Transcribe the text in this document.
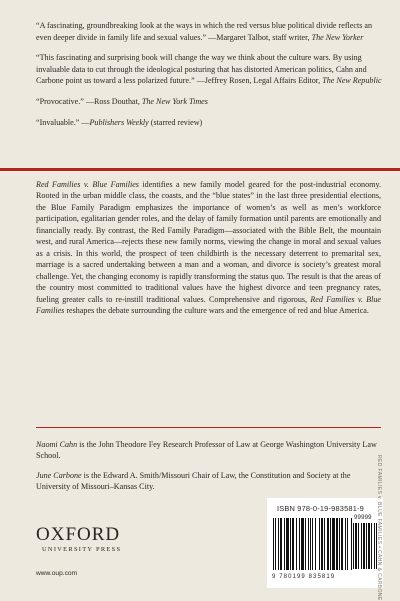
“A fascinating, groundbreaking look at the ways in which the red versus blue political divide reflects an even deeper divide in family life and sexual values.” —Margaret Talbot, staff writer, The New Yorker

“This fascinating and surprising book will change the way we think about the culture wars. By using invaluable data to cut through the ideological posturing that has distorted American politics, Cahn and Carbone point us toward a less polarized future.” —Jeffrey Rosen, Legal Affairs Editor, The New Republic

“Provocative.” —Ross Douthat, The New York Times

“Invaluable.” —Publishers Weekly (starred review)

Red Families v. Blue Families identifies a new family model geared for the post-industrial economy. Rooted in the urban middle class, the coasts, and the “blue states” in the last three presidential elections, the Blue Family Paradigm emphasizes the importance of women’s as well as men’s workforce participation, egalitarian gender roles, and the delay of family formation until parents are emotionally and financially ready. By contrast, the Red Family Paradigm—associated with the Bible Belt, the mountain west, and rural America—rejects these new family norms, viewing the change in moral and sexual values as a crisis. In this world, the prospect of teen childbirth is the necessary deterrent to premarital sex, marriage is a sacred undertaking between a man and a woman, and divorce is society’s greatest moral challenge. Yet, the changing economy is rapidly transforming the status quo. The result is that the areas of the country most committed to traditional values have the highest divorce and teen pregnancy rates, fueling greater calls to re-instill traditional values. Comprehensive and rigorous, Red Families v. Blue Families reshapes the debate surrounding the culture wars and the emergence of red and blue America.

Naomi Cahn is the John Theodore Fey Research Professor of Law at George Washington University Law School.

June Carbone is the Edward A. Smith/Missouri Chair of Law, the Constitution and Society at the University of Missouri–Kansas City.

OXFORD
UNIVERSITY PRESS
www.oup.com
ISBN 978-0-19-983581-9
99999
9 780199 835819	RED FAMILIES v. BLUE FAMILIES • CAHN & CARBONE
